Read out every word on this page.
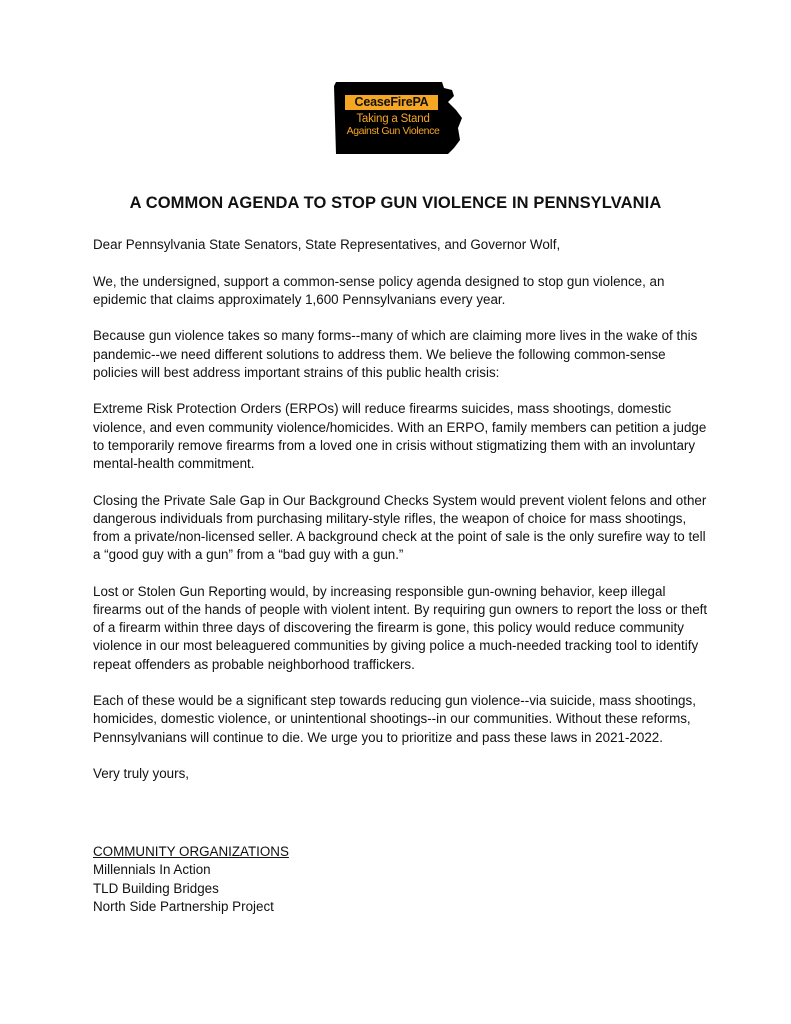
CeaseFirePA
Taking a Stand
Against Gun Violence
A COMMON AGENDA TO STOP GUN VIOLENCE IN PENNSYLVANIA

Dear Pennsylvania State Senators, State Representatives, and Governor Wolf,

We, the undersigned, support a common-sense policy agenda designed to stop gun violence, an epidemic that claims approximately 1,600 Pennsylvanians every year.

Because gun violence takes so many forms--many of which are claiming more lives in the wake of this pandemic--we need different solutions to address them. We believe the following common-sense policies will best address important strains of this public health crisis:

Extreme Risk Protection Orders (ERPOs) will reduce firearms suicides, mass shootings, domestic violence, and even community violence/homicides. With an ERPO, family members can petition a judge to temporarily remove firearms from a loved one in crisis without stigmatizing them with an involuntary mental-health commitment.

Closing the Private Sale Gap in Our Background Checks System would prevent violent felons and other dangerous individuals from purchasing military-style rifles, the weapon of choice for mass shootings, from a private/non-licensed seller. A background check at the point of sale is the only surefire way to tell a “good guy with a gun” from a “bad guy with a gun.”

Lost or Stolen Gun Reporting would, by increasing responsible gun-owning behavior, keep illegal firearms out of the hands of people with violent intent. By requiring gun owners to report the loss or theft of a firearm within three days of discovering the firearm is gone, this policy would reduce community violence in our most beleaguered communities by giving police a much-needed tracking tool to identify repeat offenders as probable neighborhood traffickers.

Each of these would be a significant step towards reducing gun violence--via suicide, mass shootings, homicides, domestic violence, or unintentional shootings--in our communities. Without these reforms, Pennsylvanians will continue to die. We urge you to prioritize and pass these laws in 2021-2022.

Very truly yours,

COMMUNITY ORGANIZATIONS
Millennials In Action
TLD Building Bridges
North Side Partnership Project
